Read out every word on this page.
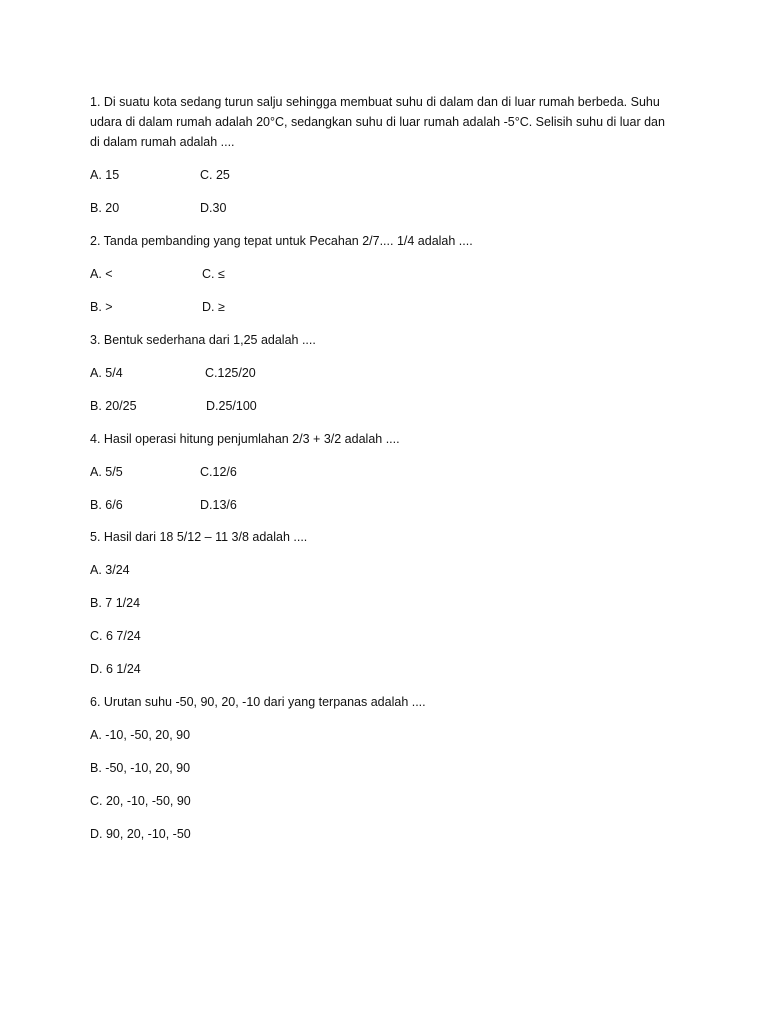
1. Di suatu kota sedang turun salju sehingga membuat suhu di dalam dan di luar rumah berbeda. Suhu
udara di dalam rumah adalah 20°C, sedangkan suhu di luar rumah adalah -5°C. Selisih suhu di luar dan
di dalam rumah adalah ....
A. 15	C. 25
B. 20	D.30
2. Tanda pembanding yang tepat untuk Pecahan 2/7.... 1/4 adalah ....
A. <	C. ≤
B. >	D. ≥
3. Bentuk sederhana dari 1,25 adalah ....
A. 5/4	C.125/20
B. 20/25	D.25/100
4. Hasil operasi hitung penjumlahan 2/3 + 3/2 adalah ....
A. 5/5	C.12/6
B. 6/6	D.13/6
5. Hasil dari 18 5/12 – 11 3/8 adalah ....
A. 3/24
B. 7 1/24
C. 6 7/24
D. 6 1/24
6. Urutan suhu -50, 90, 20, -10 dari yang terpanas adalah ....
A. -10, -50, 20, 90
B. -50, -10, 20, 90
C. 20, -10, -50, 90
D. 90, 20, -10, -50
